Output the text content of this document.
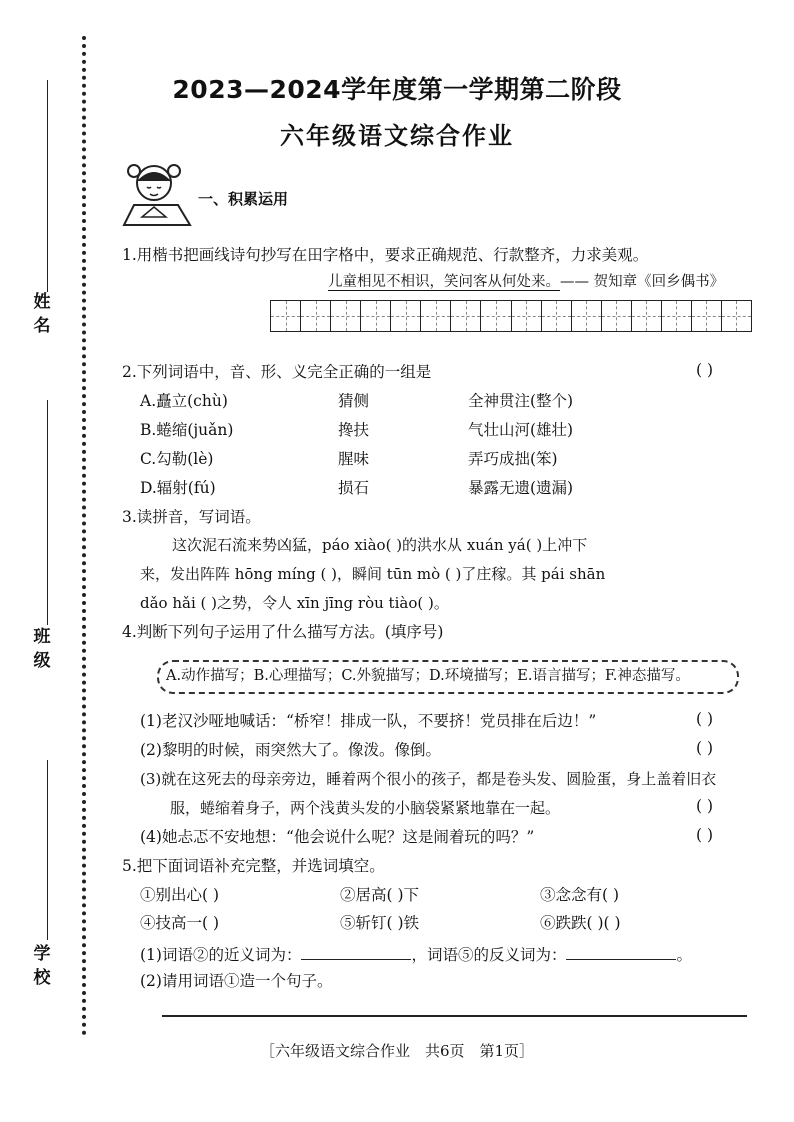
姓名
班级
学校
2023—2024学年度第一学期第二阶段
六年级语文综合作业
一、积累运用
1.用楷书把画线诗句抄写在田字格中，要求正确规范、行款整齐，力求美观。
儿童相见不相识，笑问客从何处来。—— 贺知章《回乡偶书》
2.下列词语中，音、形、义完全正确的一组是	( )
A.矗立(chù)	猜侧	全神贯注(整个)
B.蜷缩(juǎn)	搀扶	气壮山河(雄壮)
C.勾勒(lè)	腥味	弄巧成拙(笨)
D.辐射(fú)	损石	暴露无遗(遗漏)
3.读拼音，写词语。
这次泥石流来势凶猛，páo xiào( )的洪水从 xuán yá( )上冲下
来，发出阵阵 hōng míng ( )，瞬间 tūn mò ( )了庄稼。其 pái shān
dǎo hǎi ( )之势，令人 xīn jīng ròu tiào( )。
4.判断下列句子运用了什么描写方法。(填序号)
A.动作描写；B.心理描写；C.外貌描写；D.环境描写；E.语言描写；F.神态描写。
(1)老汉沙哑地喊话：“桥窄！排成一队，不要挤！党员排在后边！”	( )
(2)黎明的时候，雨突然大了。像泼。像倒。	( )
(3)就在这死去的母亲旁边，睡着两个很小的孩子，都是卷头发、圆脸蛋，身上盖着旧衣
服，蜷缩着身子，两个浅黄头发的小脑袋紧紧地靠在一起。	( )
(4)她忐忑不安地想：“他会说什么呢？这是闹着玩的吗？”	( )
5.把下面词语补充完整，并选词填空。
①别出心( )	②居高( )下	③念念有( )
④技高一( )	⑤斩钉( )铁	⑥跌跌( )( )
(1)词语②的近义词为：	，词语⑤的反义词为：	。
(2)请用词语①造一个句子。
［六年级语文综合作业　共6页　第1页］
